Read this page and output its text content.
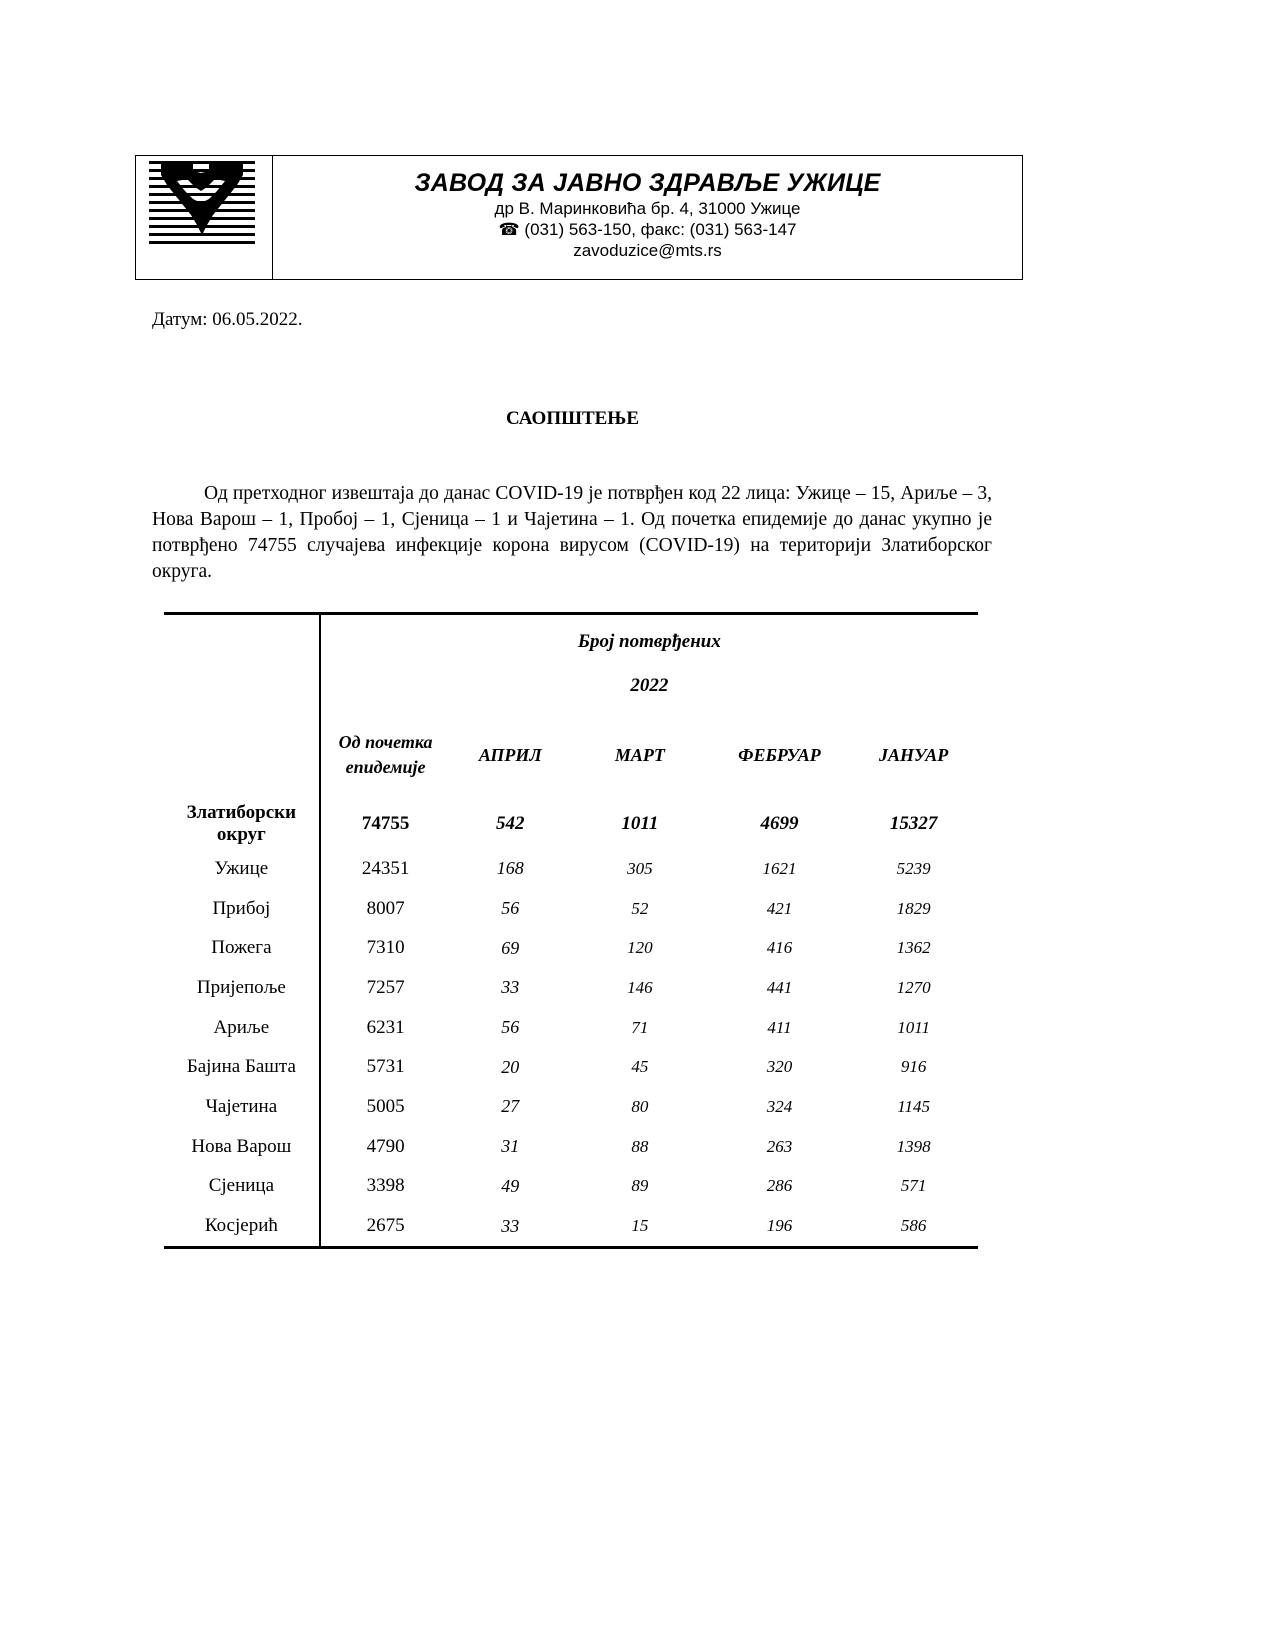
ЗАВОД ЗА ЈАВНО ЗДРАВЉЕ УЖИЦЕ
др В. Маринковића бр. 4, 31000 Ужице
☎ (031) 563-150, факс: (031) 563-147
zavoduzice@mts.rs
Датум: 06.05.2022.
САОПШТЕЊЕ
Од претходног извештаја до данас COVID-19 је потврђен код 22 лица: Ужице – 15, Ариље – 3, Нова Варош – 1, Пробој – 1, Сјеница – 1 и Чајетина – 1. Од почетка епидемије до данас укупно је потврђено 74755 случајева инфекције корона вирусом (COVID-19) на територији Златиборског округа.
	Број потврђених				
	2022				
	Од почетка епидемије	АПРИЛ	МАРТ	ФЕБРУАР	ЈАНУАР
Златиборски округ	74755	542	1011	4699	15327
Ужице	24351	168	305	1621	5239
Прибој	8007	56	52	421	1829
Пожега	7310	69	120	416	1362
Пријепоље	7257	33	146	441	1270
Ариље	6231	56	71	411	1011
Бајина Башта	5731	20	45	320	916
Чајетина	5005	27	80	324	1145
Нова Варош	4790	31	88	263	1398
Сјеница	3398	49	89	286	571
Косјерић	2675	33	15	196	586
